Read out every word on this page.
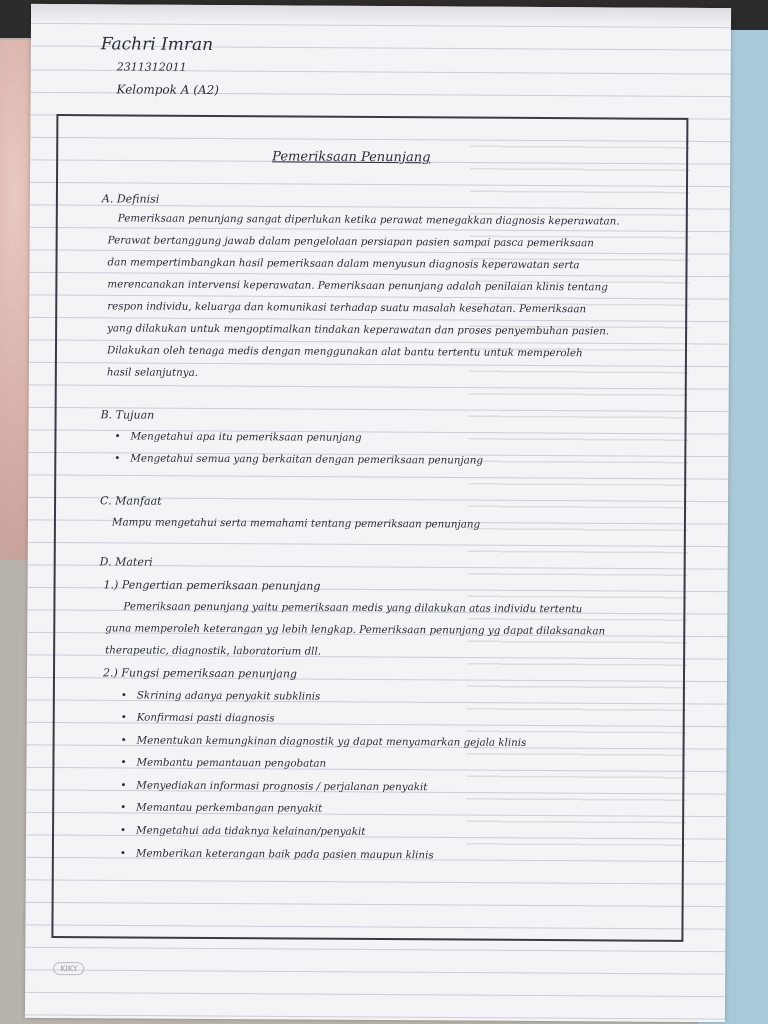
Fachri Imran
2311312011
Kelompok A (A2)
Pemeriksaan Penunjang
A. Definisi
Pemeriksaan penunjang sangat diperlukan ketika perawat menegakkan diagnosis keperawatan.
Perawat bertanggung jawab dalam pengelolaan persiapan pasien sampai pasca pemeriksaan
dan mempertimbangkan hasil pemeriksaan dalam menyusun diagnosis keperawatan serta
merencanakan intervensi keperawatan. Pemeriksaan penunjang adalah penilaian klinis tentang
respon individu, keluarga dan komunikasi terhadap suatu masalah kesehatan. Pemeriksaan
yang dilakukan untuk mengoptimalkan tindakan keperawatan dan proses penyembuhan pasien.
Dilakukan oleh tenaga medis dengan menggunakan alat bantu tertentu untuk memperoleh
hasil selanjutnya.
B. Tujuan
• Mengetahui apa itu pemeriksaan penunjang
• Mengetahui semua yang berkaitan dengan pemeriksaan penunjang
C. Manfaat
Mampu mengetahui serta memahami tentang pemeriksaan penunjang
D. Materi
1.) Pengertian pemeriksaan penunjang
Pemeriksaan penunjang yaitu pemeriksaan medis yang dilakukan atas individu tertentu
guna memperoleh keterangan yg lebih lengkap. Pemeriksaan penunjang yg dapat dilaksanakan
therapeutic, diagnostik, laboratorium dll.
2.) Fungsi pemeriksaan penunjang
• Skrining adanya penyakit subklinis
• Konfirmasi pasti diagnosis
• Menentukan kemungkinan diagnostik yg dapat menyamarkan gejala klinis
• Membantu pemantauan pengobatan
• Menyediakan informasi prognosis / perjalanan penyakit
• Memantau perkembangan penyakit
• Mengetahui ada tidaknya kelainan/penyakit
• Memberikan keterangan baik pada pasien maupun klinis
KIKY
